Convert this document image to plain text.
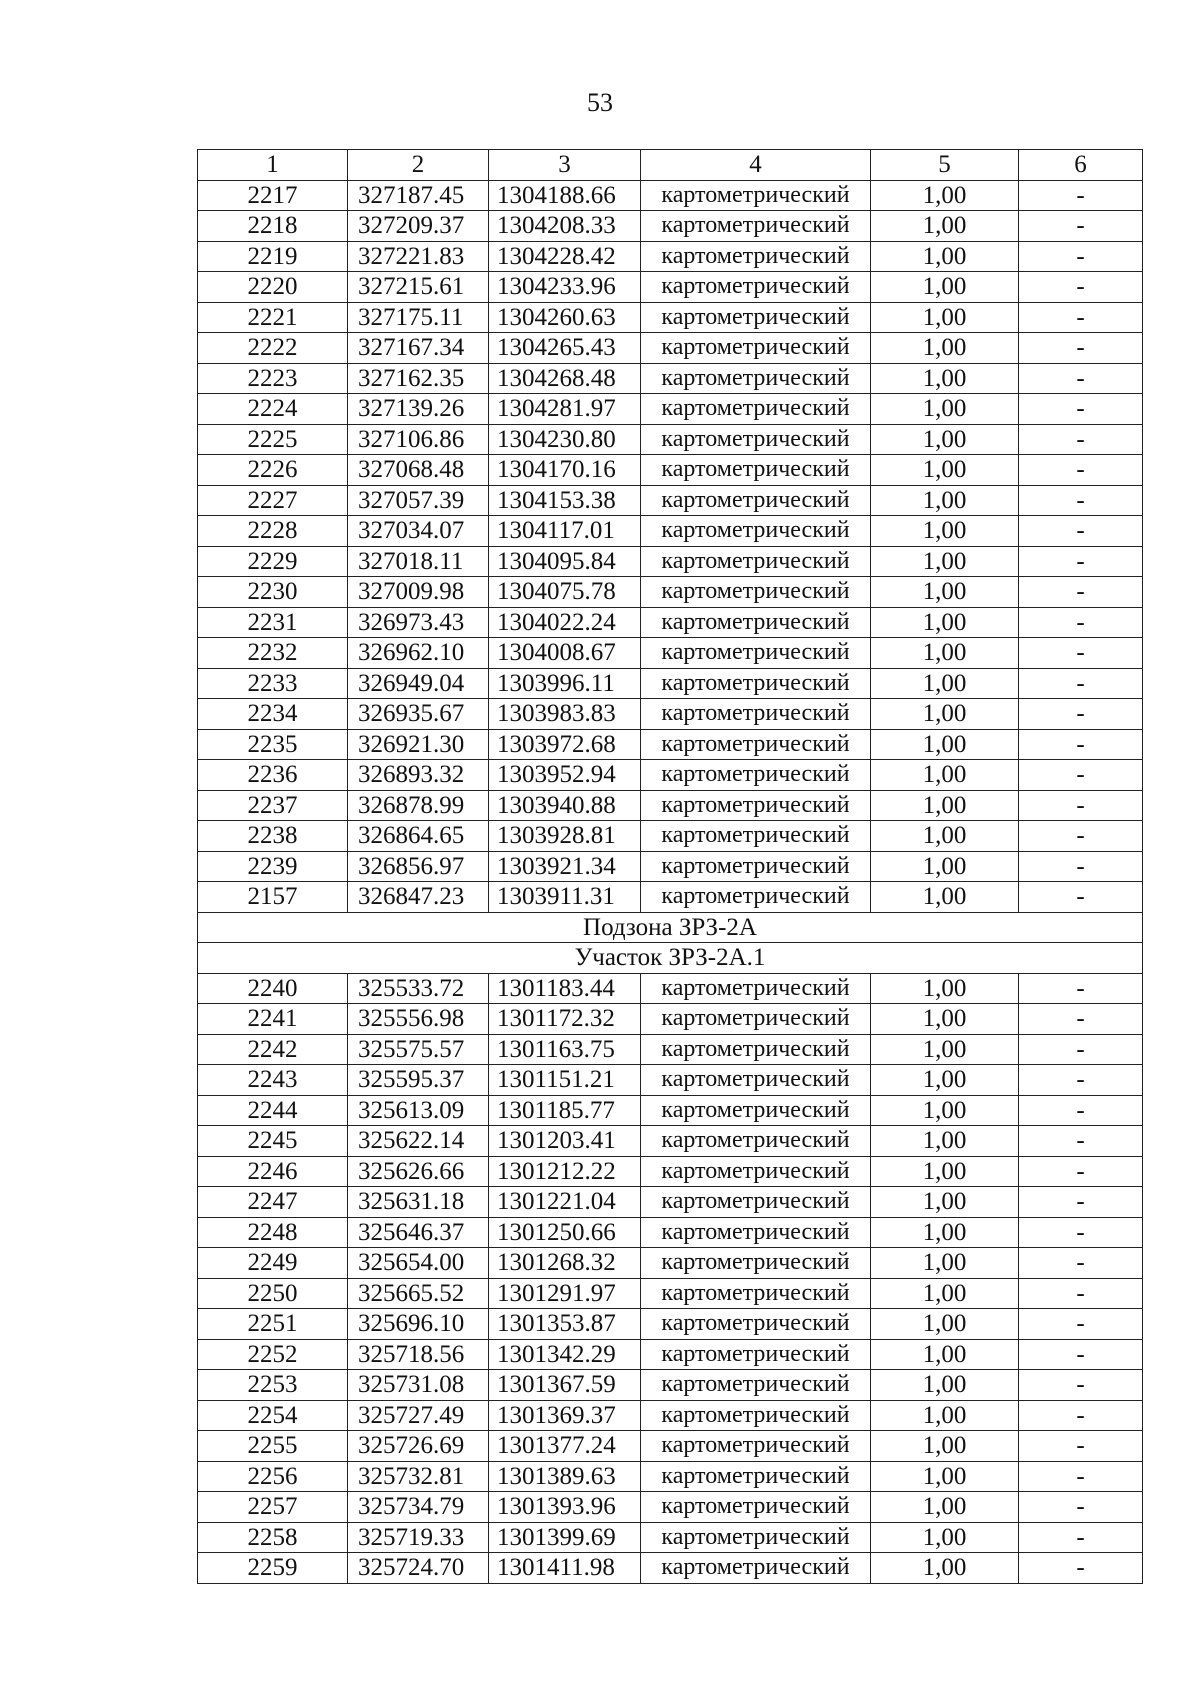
53
1	2	3	4	5	6
2217	327187.45	1304188.66	картометрический	1,00	-
2218	327209.37	1304208.33	картометрический	1,00	-
2219	327221.83	1304228.42	картометрический	1,00	-
2220	327215.61	1304233.96	картометрический	1,00	-
2221	327175.11	1304260.63	картометрический	1,00	-
2222	327167.34	1304265.43	картометрический	1,00	-
2223	327162.35	1304268.48	картометрический	1,00	-
2224	327139.26	1304281.97	картометрический	1,00	-
2225	327106.86	1304230.80	картометрический	1,00	-
2226	327068.48	1304170.16	картометрический	1,00	-
2227	327057.39	1304153.38	картометрический	1,00	-
2228	327034.07	1304117.01	картометрический	1,00	-
2229	327018.11	1304095.84	картометрический	1,00	-
2230	327009.98	1304075.78	картометрический	1,00	-
2231	326973.43	1304022.24	картометрический	1,00	-
2232	326962.10	1304008.67	картометрический	1,00	-
2233	326949.04	1303996.11	картометрический	1,00	-
2234	326935.67	1303983.83	картометрический	1,00	-
2235	326921.30	1303972.68	картометрический	1,00	-
2236	326893.32	1303952.94	картометрический	1,00	-
2237	326878.99	1303940.88	картометрический	1,00	-
2238	326864.65	1303928.81	картометрический	1,00	-
2239	326856.97	1303921.34	картометрический	1,00	-
2157	326847.23	1303911.31	картометрический	1,00	-
Подзона ЗРЗ-2А					
Участок ЗРЗ-2А.1					
2240	325533.72	1301183.44	картометрический	1,00	-
2241	325556.98	1301172.32	картометрический	1,00	-
2242	325575.57	1301163.75	картометрический	1,00	-
2243	325595.37	1301151.21	картометрический	1,00	-
2244	325613.09	1301185.77	картометрический	1,00	-
2245	325622.14	1301203.41	картометрический	1,00	-
2246	325626.66	1301212.22	картометрический	1,00	-
2247	325631.18	1301221.04	картометрический	1,00	-
2248	325646.37	1301250.66	картометрический	1,00	-
2249	325654.00	1301268.32	картометрический	1,00	-
2250	325665.52	1301291.97	картометрический	1,00	-
2251	325696.10	1301353.87	картометрический	1,00	-
2252	325718.56	1301342.29	картометрический	1,00	-
2253	325731.08	1301367.59	картометрический	1,00	-
2254	325727.49	1301369.37	картометрический	1,00	-
2255	325726.69	1301377.24	картометрический	1,00	-
2256	325732.81	1301389.63	картометрический	1,00	-
2257	325734.79	1301393.96	картометрический	1,00	-
2258	325719.33	1301399.69	картометрический	1,00	-
2259	325724.70	1301411.98	картометрический	1,00	-
